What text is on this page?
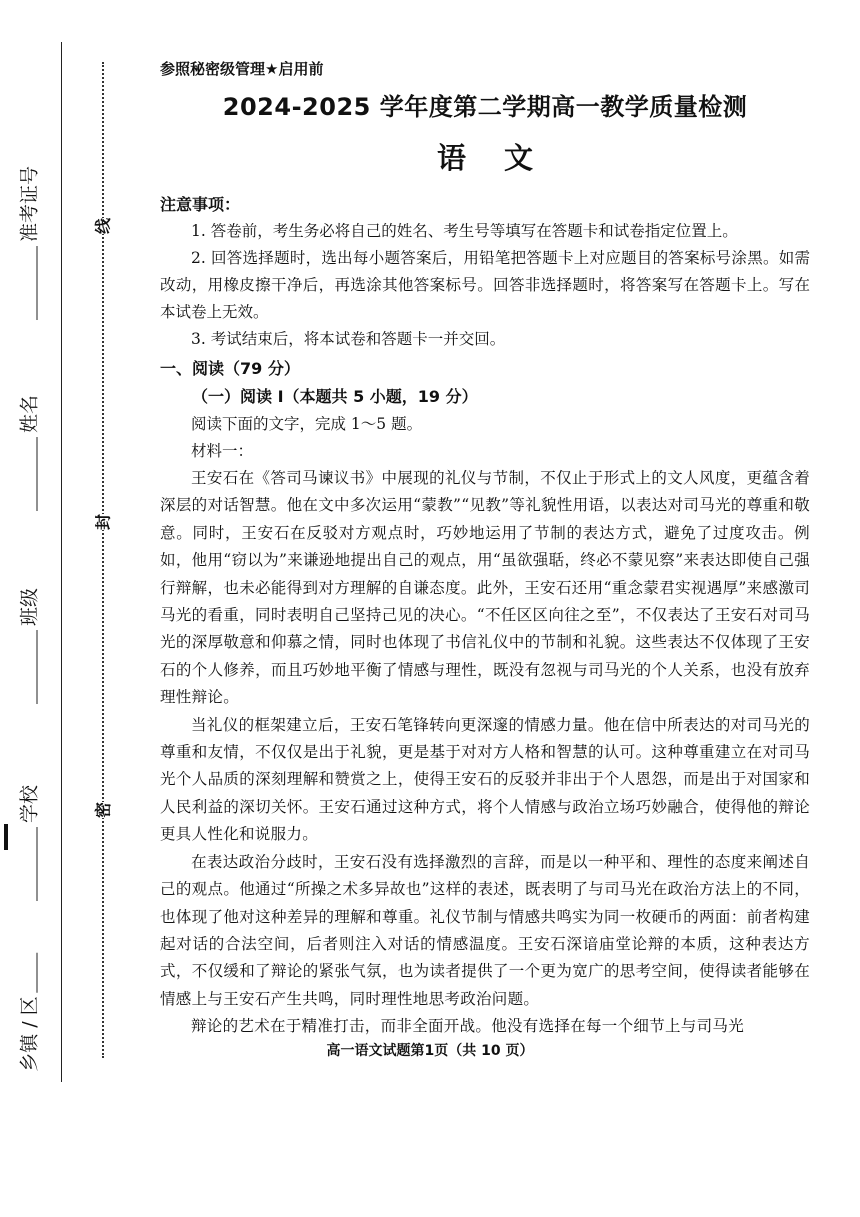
准考证号
姓名
班级
学校
乡镇 / 区
线
封
密

参照秘密级管理★启用前

2024-2025 学年度第二学期高一教学质量检测
语文

注意事项：

1. 答卷前，考生务必将自己的姓名、考生号等填写在答题卡和试卷指定位置上。

2. 回答选择题时，选出每小题答案后，用铅笔把答题卡上对应题目的答案标号涂黑。如需改动，用橡皮擦干净后，再选涂其他答案标号。回答非选择题时，将答案写在答题卡上。写在本试卷上无效。

3. 考试结束后，将本试卷和答题卡一并交回。

一、阅读（79 分）

（一）阅读 I（本题共 5 小题，19 分）

阅读下面的文字，完成 1～5 题。

材料一：

王安石在《答司马谏议书》中展现的礼仪与节制，不仅止于形式上的文人风度，更蕴含着深层的对话智慧。他在文中多次运用“蒙教”“见教”等礼貌性用语，以表达对司马光的尊重和敬意。同时，王安石在反驳对方观点时，巧妙地运用了节制的表达方式，避免了过度攻击。例如，他用“窃以为”来谦逊地提出自己的观点，用“虽欲强聒，终必不蒙见察”来表达即使自己强行辩解，也未必能得到对方理解的自谦态度。此外，王安石还用“重念蒙君实视遇厚”来感激司马光的看重，同时表明自己坚持己见的决心。“不任区区向往之至”，不仅表达了王安石对司马光的深厚敬意和仰慕之情，同时也体现了书信礼仪中的节制和礼貌。这些表达不仅体现了王安石的个人修养，而且巧妙地平衡了情感与理性，既没有忽视与司马光的个人关系，也没有放弃理性辩论。

当礼仪的框架建立后，王安石笔锋转向更深邃的情感力量。他在信中所表达的对司马光的尊重和友情，不仅仅是出于礼貌，更是基于对对方人格和智慧的认可。这种尊重建立在对司马光个人品质的深刻理解和赞赏之上，使得王安石的反驳并非出于个人恩怨，而是出于对国家和人民利益的深切关怀。王安石通过这种方式，将个人情感与政治立场巧妙融合，使得他的辩论更具人性化和说服力。

在表达政治分歧时，王安石没有选择激烈的言辞，而是以一种平和、理性的态度来阐述自己的观点。他通过“所操之术多异故也”这样的表述，既表明了与司马光在政治方法上的不同，也体现了他对这种差异的理解和尊重。礼仪节制与情感共鸣实为同一枚硬币的两面：前者构建起对话的合法空间，后者则注入对话的情感温度。王安石深谙庙堂论辩的本质，这种表达方式，不仅缓和了辩论的紧张气氛，也为读者提供了一个更为宽广的思考空间，使得读者能够在情感上与王安石产生共鸣，同时理性地思考政治问题。

辩论的艺术在于精准打击，而非全面开战。他没有选择在每一个细节上与司马光

高一语文试题第1页（共 10 页）
